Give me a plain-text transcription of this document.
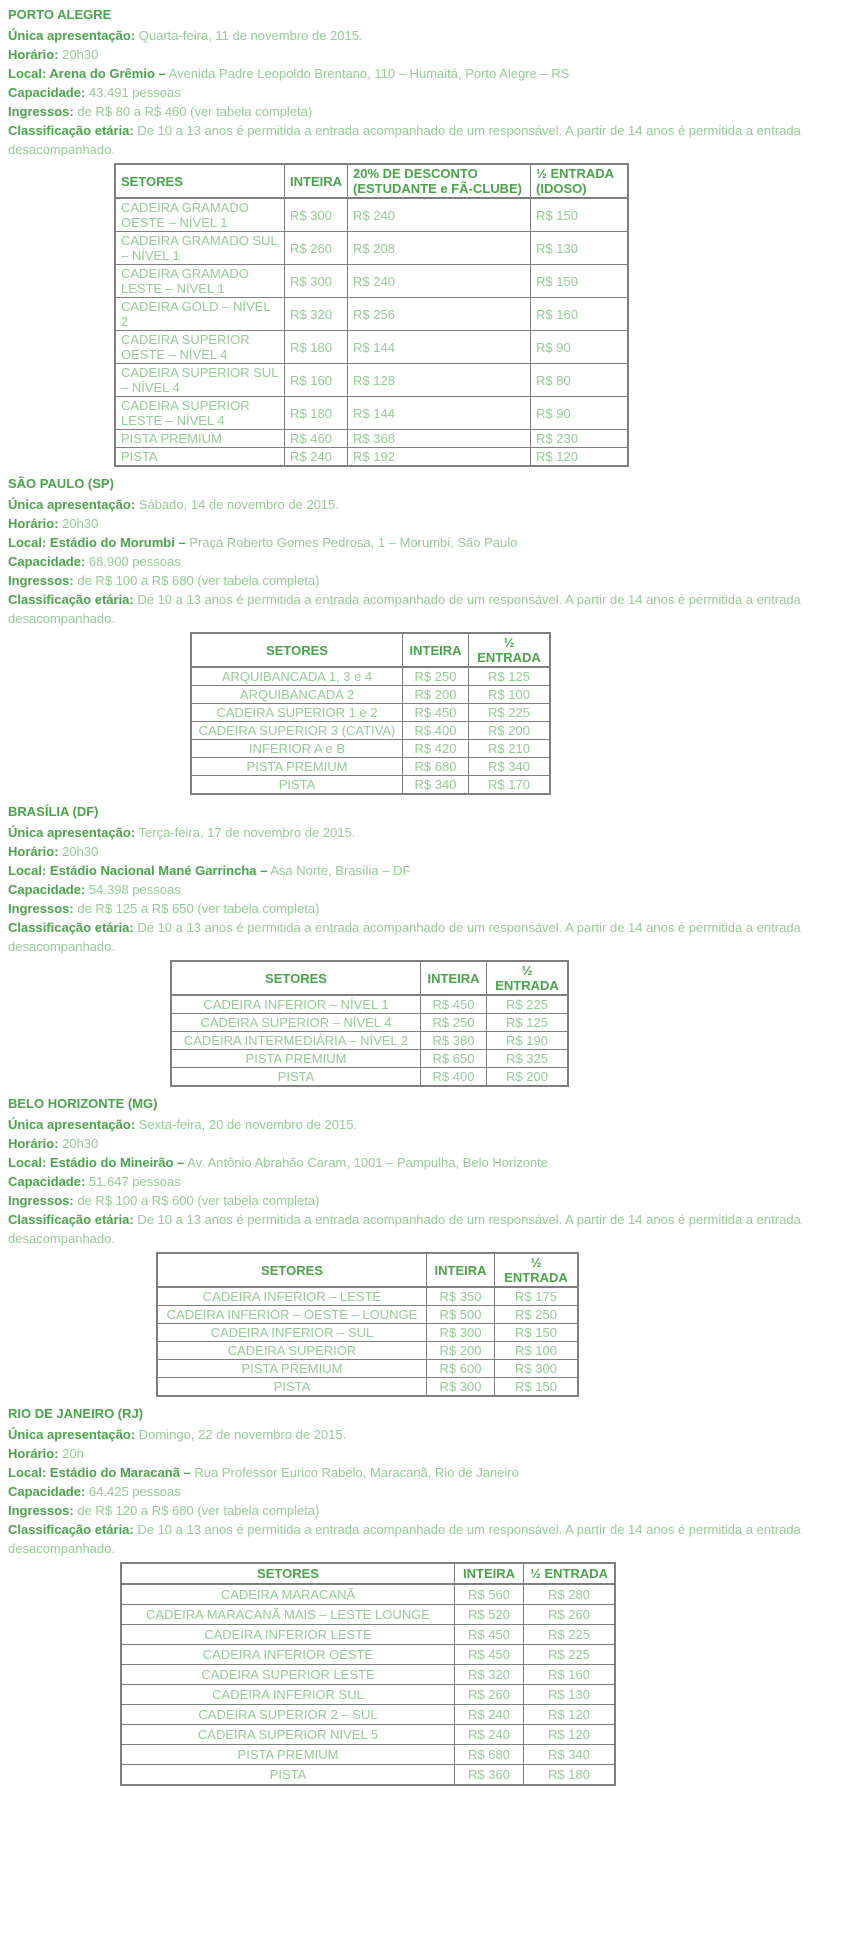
PORTO ALEGRE

Única apresentação: Quarta-feira, 11 de novembro de 2015.

Horário: 20h30

Local: Arena do Grêmio – Avenida Padre Leopoldo Brentano, 110 – Humaitá, Porto Alegre – RS

Capacidade: 43.491 pessoas

Ingressos: de R$ 80 a R$ 460 (ver tabela completa)

Classificação etária: De 10 a 13 anos é permitida a entrada acompanhado de um responsável. A partir de 14 anos é permitida a entrada desacompanhado.

SETORES	INTEIRA	20% DE DESCONTO (ESTUDANTE e FÃ-CLUBE)	½ ENTRADA (IDOSO)
CADEIRA GRAMADO OESTE – NÍVEL 1	R$ 300	R$ 240	R$ 150
CADEIRA GRAMADO SUL – NÍVEL 1	R$ 260	R$ 208	R$ 130
CADEIRA GRAMADO LESTE – NÍVEL 1	R$ 300	R$ 240	R$ 150
CADEIRA GOLD – NÍVEL 2	R$ 320	R$ 256	R$ 160
CADEIRA SUPERIOR OESTE – NÍVEL 4	R$ 180	R$ 144	R$ 90
CADEIRA SUPERIOR SUL – NÍVEL 4	R$ 160	R$ 128	R$ 80
CADEIRA SUPERIOR LESTE – NÍVEL 4	R$ 180	R$ 144	R$ 90
PISTA PREMIUM	R$ 460	R$ 368	R$ 230
PISTA	R$ 240	R$ 192	R$ 120
SÃO PAULO (SP)

Única apresentação: Sábado, 14 de novembro de 2015.

Horário: 20h30

Local: Estádio do Morumbi – Praça Roberto Gomes Pedrosa, 1 – Morumbi, São Paulo

Capacidade: 68.900 pessoas

Ingressos: de R$ 100 a R$ 680 (ver tabela completa)

Classificação etária: De 10 a 13 anos é permitida a entrada acompanhado de um responsável. A partir de 14 anos é permitida a entrada desacompanhado.

SETORES	INTEIRA	½ ENTRADA
ARQUIBANCADA 1, 3 e 4	R$ 250	R$ 125
ARQUIBANCADA 2	R$ 200	R$ 100
CADEIRA SUPERIOR 1 e 2	R$ 450	R$ 225
CADEIRA SUPERIOR 3 (CATIVA)	R$ 400	R$ 200
INFERIOR A e B	R$ 420	R$ 210
PISTA PREMIUM	R$ 680	R$ 340
PISTA	R$ 340	R$ 170
BRASÍLIA (DF)

Única apresentação: Terça-feira, 17 de novembro de 2015.

Horário: 20h30

Local: Estádio Nacional Mané Garrincha – Asa Norte, Brasília – DF

Capacidade: 54.398 pessoas

Ingressos: de R$ 125 a R$ 650 (ver tabela completa)

Classificação etária: De 10 a 13 anos é permitida a entrada acompanhado de um responsável. A partir de 14 anos é permitida a entrada desacompanhado.

SETORES	INTEIRA	½ ENTRADA
CADEIRA INFERIOR – NÍVEL 1	R$ 450	R$ 225
CADEIRA SUPERIOR – NÍVEL 4	R$ 250	R$ 125
CADEIRA INTERMEDIÁRIA – NÍVEL 2	R$ 380	R$ 190
PISTA PREMIUM	R$ 650	R$ 325
PISTA	R$ 400	R$ 200
BELO HORIZONTE (MG)

Única apresentação: Sexta-feira, 20 de novembro de 2015.

Horário: 20h30

Local: Estádio do Mineirão – Av. Antônio Abrahão Caram, 1001 – Pampulha, Belo Horizonte

Capacidade: 51.647 pessoas

Ingressos: de R$ 100 a R$ 600 (ver tabela completa)

Classificação etária: De 10 a 13 anos é permitida a entrada acompanhado de um responsável. A partir de 14 anos é permitida a entrada desacompanhado.

SETORES	INTEIRA	½ ENTRADA
CADEIRA INFERIOR – LESTE	R$ 350	R$ 175
CADEIRA INFERIOR – OESTE – LOUNGE	R$ 500	R$ 250
CADEIRA INFERIOR – SUL	R$ 300	R$ 150
CADEIRA SUPERIOR	R$ 200	R$ 100
PISTA PREMIUM	R$ 600	R$ 300
PISTA	R$ 300	R$ 150
RIO DE JANEIRO (RJ)

Única apresentação: Domingo, 22 de novembro de 2015.

Horário: 20h

Local: Estádio do Maracanã – Rua Professor Eurico Rabelo, Maracanã, Rio de Janeiro

Capacidade: 64.425 pessoas

Ingressos: de R$ 120 a R$ 680 (ver tabela completa)

Classificação etária: De 10 a 13 anos é permitida a entrada acompanhado de um responsável. A partir de 14 anos é permitida a entrada desacompanhado.

SETORES	INTEIRA	½ ENTRADA
CADEIRA MARACANÃ	R$ 560	R$ 280
CADEIRA MARACANÃ MAIS – LESTE LOUNGE	R$ 520	R$ 260
CADEIRA INFERIOR LESTE	R$ 450	R$ 225
CADEIRA INFERIOR OESTE	R$ 450	R$ 225
CADEIRA SUPERIOR LESTE	R$ 320	R$ 160
CADEIRA INFERIOR SUL	R$ 260	R$ 130
CADEIRA SUPERIOR 2 – SUL	R$ 240	R$ 120
CADEIRA SUPERIOR NIVEL 5	R$ 240	R$ 120
PISTA PREMIUM	R$ 680	R$ 340
PISTA	R$ 360	R$ 180
